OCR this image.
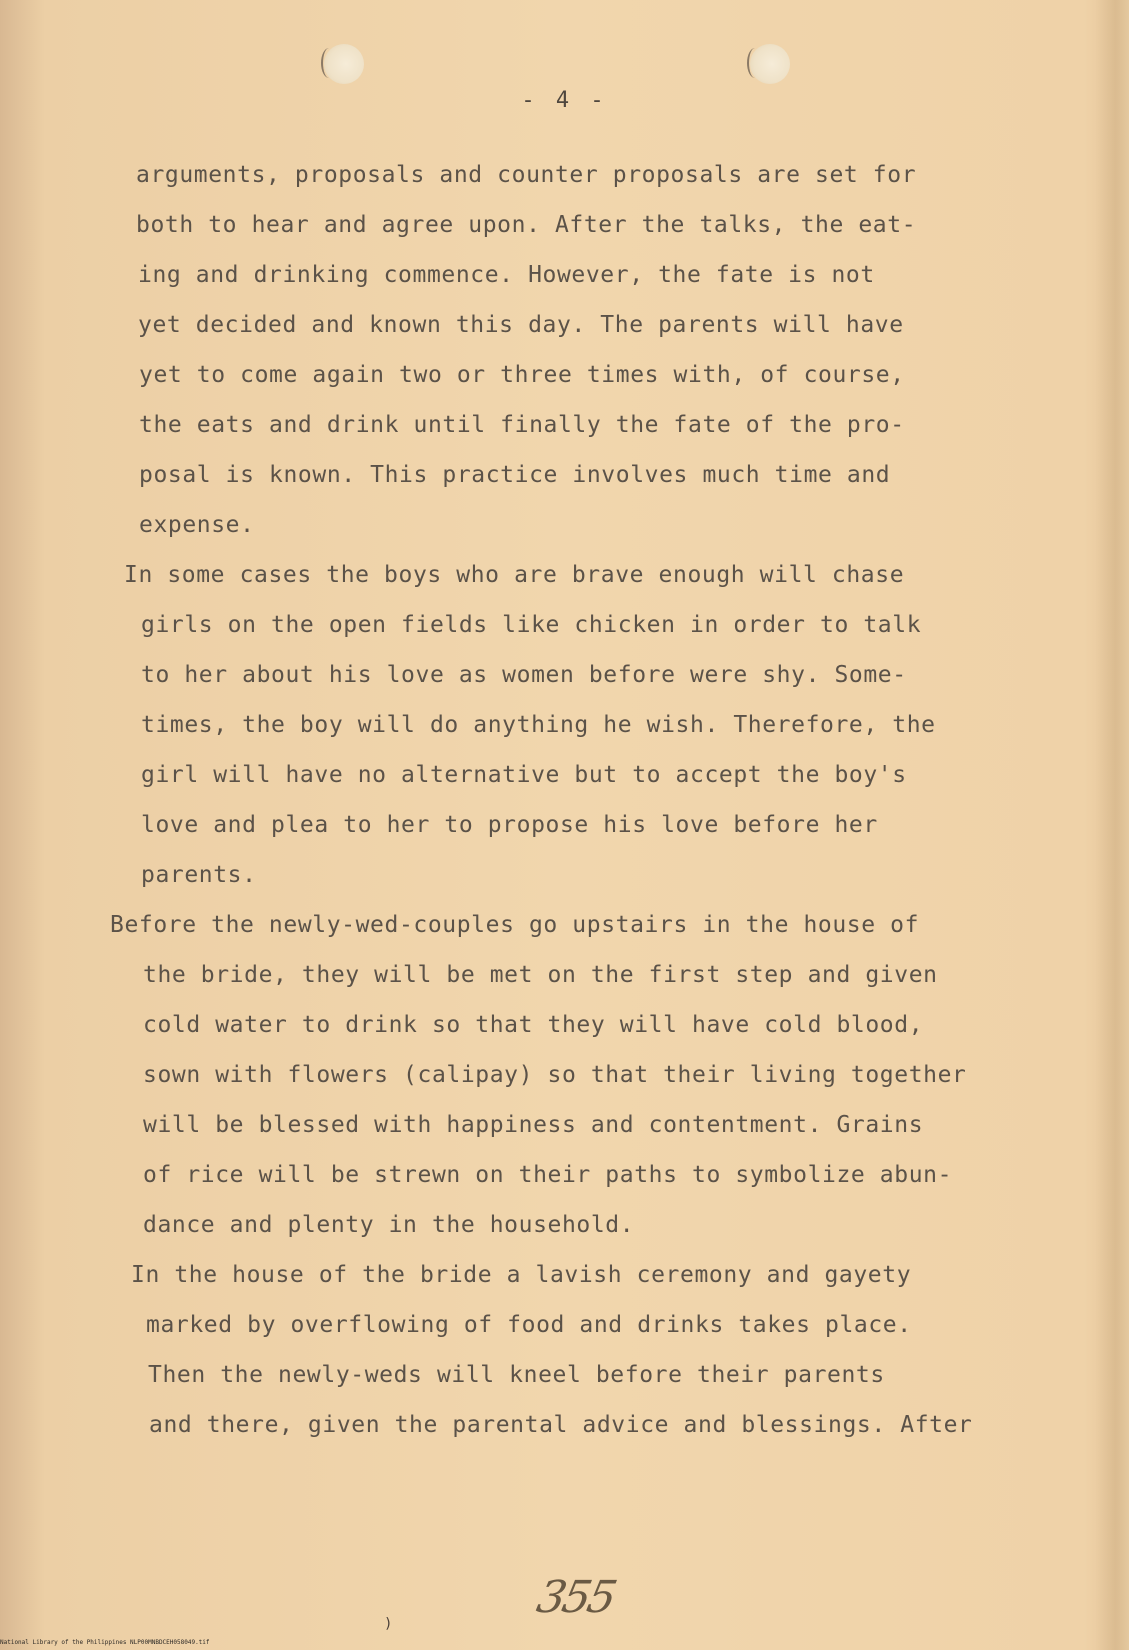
- 4 -
arguments, proposals and counter proposals are set for
both to hear and agree upon. After the talks, the eat-
ing and drinking commence. However, the fate is not
yet decided and known this day. The parents will have
yet to come again two or three times with, of course,
the eats and drink until finally the fate of the pro-
posal is known. This practice involves much time and
expense.
In some cases the boys who are brave enough will chase
girls on the open fields like chicken in order to talk
to her about his love as women before were shy. Some-
times, the boy will do anything he wish. Therefore, the
girl will have no alternative but to accept the boy's
love and plea to her to propose his love before her
parents.
Before the newly-wed-couples go upstairs in the house of
the bride, they will be met on the first step and given
cold water to drink so that they will have cold blood,
sown with flowers (calipay) so that their living together
will be blessed with happiness and contentment. Grains
of rice will be strewn on their paths to symbolize abun-
dance and plenty in the household.
In the house of the bride a lavish ceremony and gayety
marked by overflowing of food and drinks takes place.
Then the newly-weds will kneel before their parents
and there, given the parental advice and blessings. After
355
)
National Library of the Philippines NLP00MNBDCEH058049.tif
